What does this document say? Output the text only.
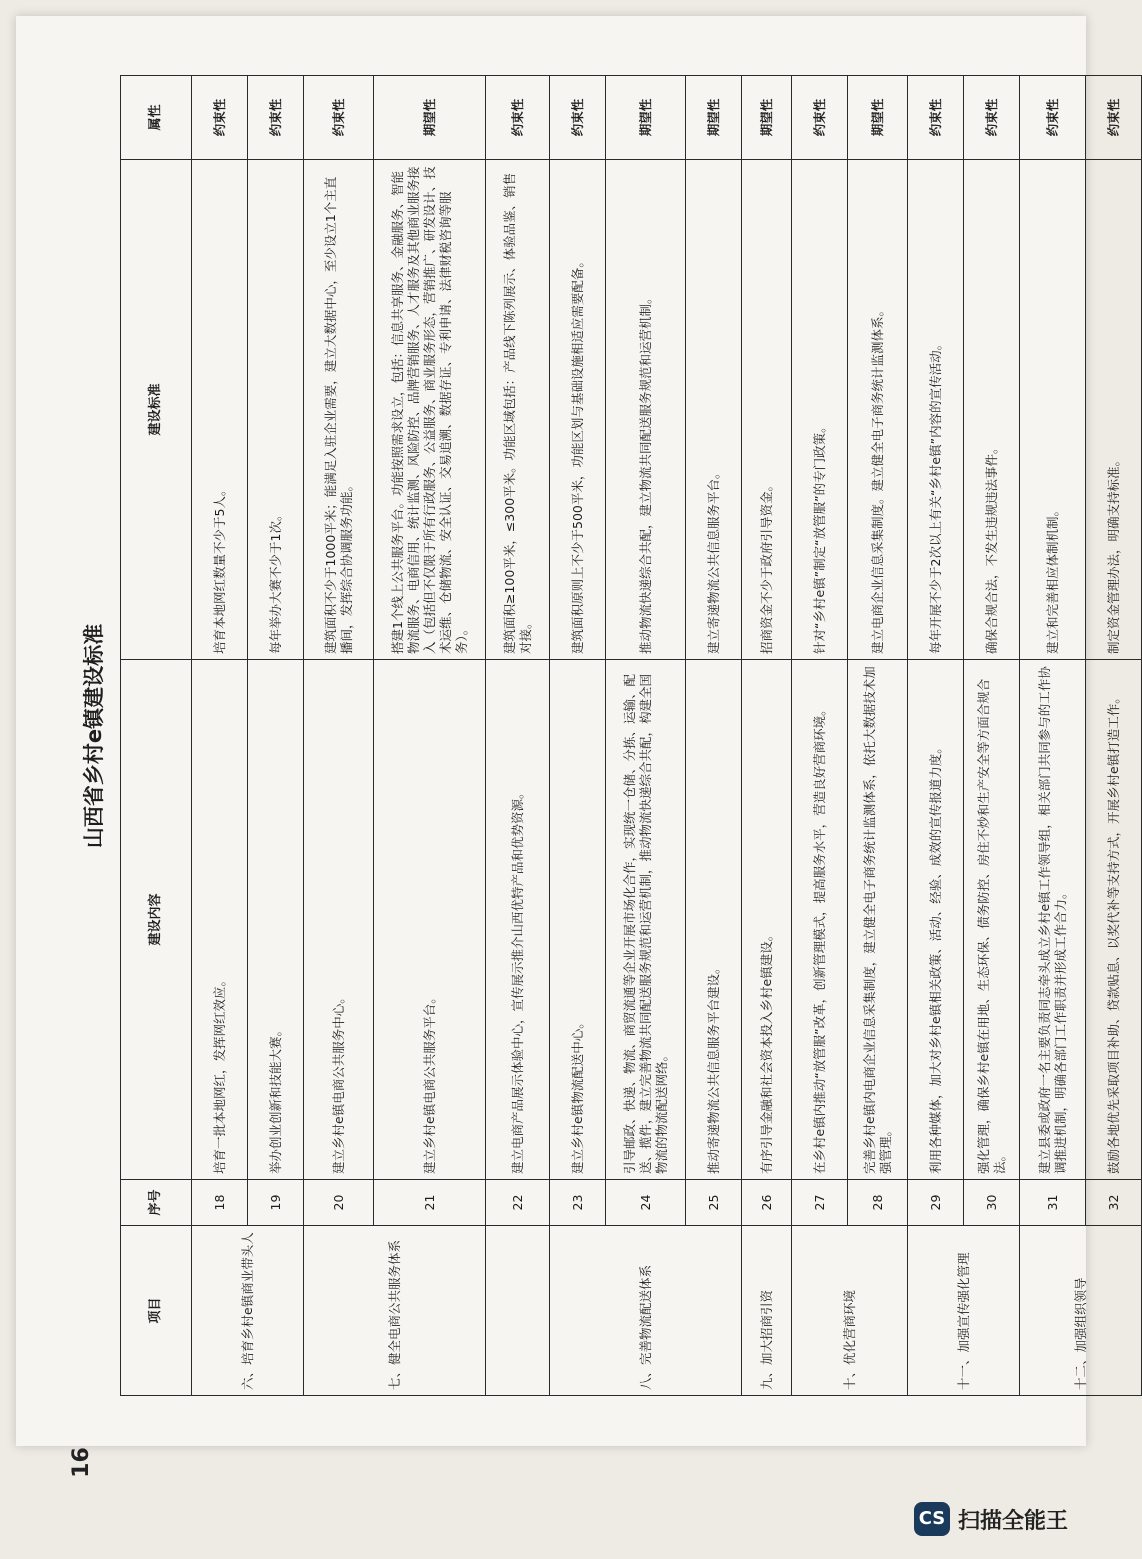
山西省乡村e镇建设标准
项目	序号	建设内容	建设标准	属性
六、培育乡村e镇商业带头人	18	培育一批本地网红，发挥网红效应。	培育本地网红数量不少于5人。	约束性
	19	举办创业创新和技能大赛。	每年举办大赛不少于1次。	约束性
七、健全电商公共服务体系	20	建立乡村e镇电商公共服务中心。	建筑面积不少于1000平米；能满足入驻企业需要，建立大数据中心，至少设立1个主直播间，发挥综合协调服务功能。	约束性
	21	建立乡村e镇电商公共服务平台。	搭建1个线上公共服务平台。功能按照需求设立，包括：信息共享服务、金融服务、智能物流服务、电商信用、统计监测、风险防控、品牌营销服务、人才服务及其他商业服务接入（包括但不仅限于所有行政服务、公益服务、商业服务形态，营销推广、研发设计、技术运维、仓储物流、安全认证、交易追溯、数据存证、专利申请、法律财税咨询等服务）。	期望性
	22	建立电商产品展示体验中心，宣传展示推介山西优特产品和优势资源。	建筑面积≥100平米，≤300平米。功能区域包括：产品线下陈列展示、体验品鉴、销售对接。	约束性
八、完善物流配送体系	23	建立乡村e镇物流配送中心。	建筑面积原则上不少于500平米，功能区划与基础设施相适应需要配备。	约束性
	24	引导邮政、快递、物流、商贸流通等企业开展市场化合作，实现统一仓储、分拣、运输、配送、揽件，建立完善物流共同配送服务规范和运营机制，推动物流快递综合共配，构建全国物流的物流配送网络。	推动物流快递综合共配，建立物流共同配送服务规范和运营机制。	期望性
	25	推动寄递物流公共信息服务平台建设。	建立寄递物流公共信息服务平台。	期望性
九、加大招商引资	26	有序引导金融和社会资本投入乡村e镇建设。	招商资金不少于政府引导资金。	期望性
十、优化营商环境	27	在乡村e镇内推动“放管服”改革，创新管理模式，提高服务水平，营造良好营商环境。	针对“乡村e镇”制定“放管服”的专门政策。	约束性
	28	完善乡村e镇内电商企业信息采集制度，建立健全电子商务统计监测体系，依托大数据技术加强管理。	建立电商企业信息采集制度。建立健全电子商务统计监测体系。	期望性
十一、加强宣传强化管理	29	利用各种媒体，加大对乡村e镇相关政策、活动、经验、成效的宣传报道力度。	每年开展不少于2次以上有关“乡村e镇”内容的宣传活动。	约束性
	30	强化管理，确保乡村e镇在用地、生态环保、债务防控、房住不炒和生产安全等方面合规合法。	确保合规合法，不发生违规违法事件。	约束性
十二、加强组织领导	31	建立县委或政府一名主要负责同志牵头成立乡村e镇工作领导组，相关部门共同参与的工作协调推进机制，明确各部门工作职责并形成工作合力。	建立和完善相应体制机制。	约束性
	32	鼓励各地优先采取项目补助、贷款贴息、以奖代补等支持方式，开展乡村e镇打造工作。	制定资金管理办法，明确支持标准。	约束性
16
CS 扫描全能王
